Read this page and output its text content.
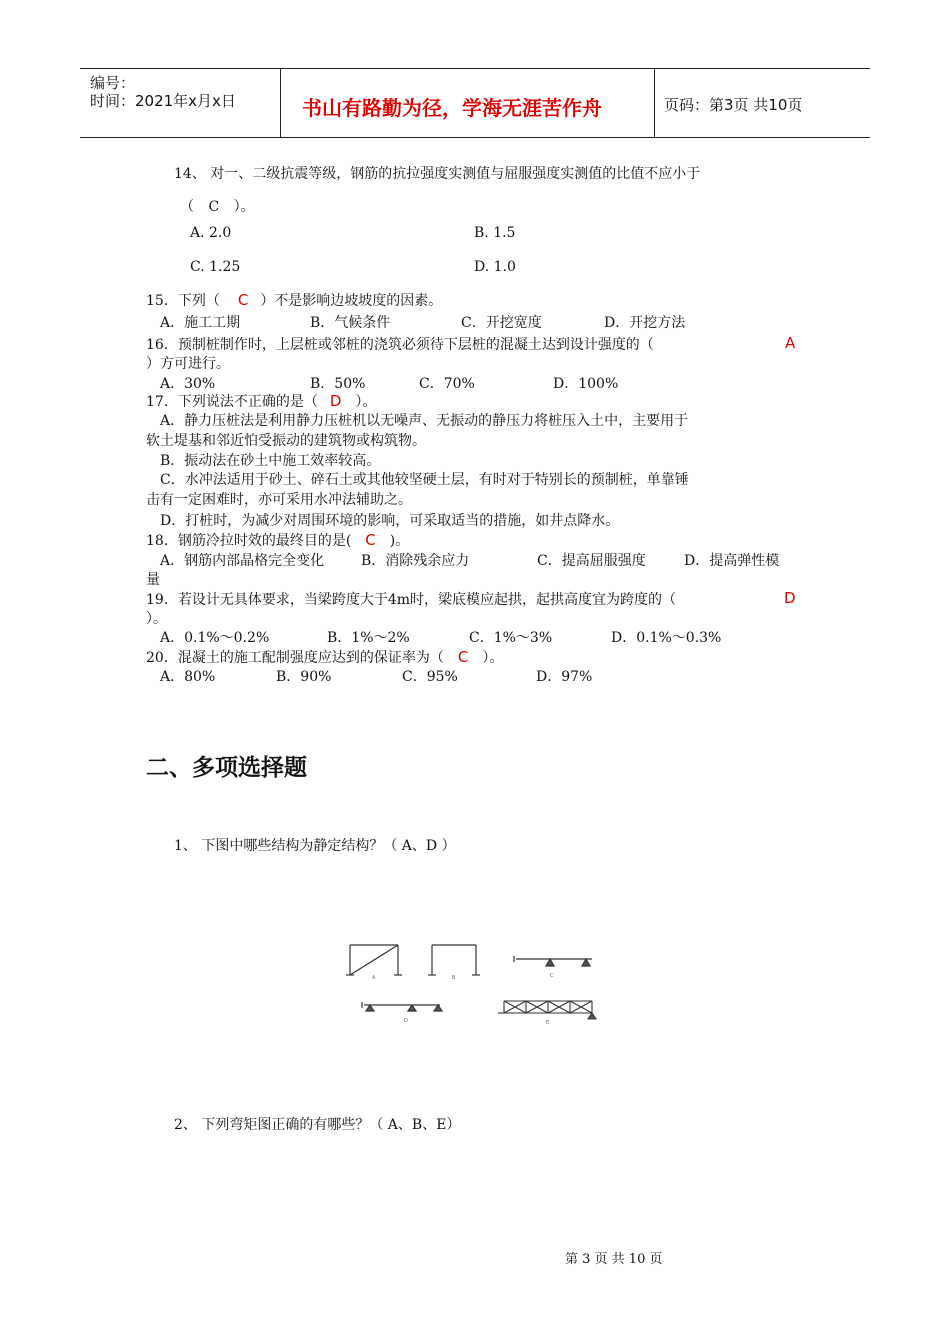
编号：
时间：2021年x月x日	书山有路勤为径，学海无涯苦作舟	页码：第3页 共10页
14、 对一、二级抗震等级，钢筋的抗拉强度实测值与屈服强度实测值的比值不应小于
（ C ）。
A. 2.0	B. 1.5
C. 1.25	D. 1.0
15．下列（ C ）不是影响边坡坡度的因素。
A．施工工期	B．气候条件	C．开挖宽度	D．开挖方法
16．预制桩制作时，上层桩或邻桩的浇筑必须待下层桩的混凝土达到设计强度的（	A
）方可进行。
A．30%	B．50%	C．70%	D．100%
17．下列说法不正确的是（ D ）。
A．静力压桩法是利用静力压桩机以无噪声、无振动的静压力将桩压入土中，主要用于
软土堤基和邻近怕受振动的建筑物或构筑物。
B．振动法在砂土中施工效率较高。
C．水冲法适用于砂土、碎石土或其他较坚硬土层，有时对于特别长的预制桩，单靠锤
击有一定困难时，亦可采用水冲法辅助之。
D．打桩时，为减少对周围环境的影响，可采取适当的措施，如井点降水。
18．钢筋冷拉时效的最终目的是( C )。
A．钢筋内部晶格完全变化	B．消除残余应力	C．提高屈服强度	D．提高弹性模
量
19．若设计无具体要求，当梁跨度大于4m时，梁底模应起拱，起拱高度宜为跨度的（	D
）。
A．0.1%～0.2%	B．1%～2%	C．1%～3%	D．0.1%～0.3%
20．混凝土的施工配制强度应达到的保证率为（ C ）。
A．80%	B．90%	C．95%	D．97%
二、多项选择题
1、 下图中哪些结构为静定结构？（ A、D ）
A	B	C
D	E
2、 下列弯矩图正确的有哪些？（ A、B、E）
第 3 页 共 10 页
